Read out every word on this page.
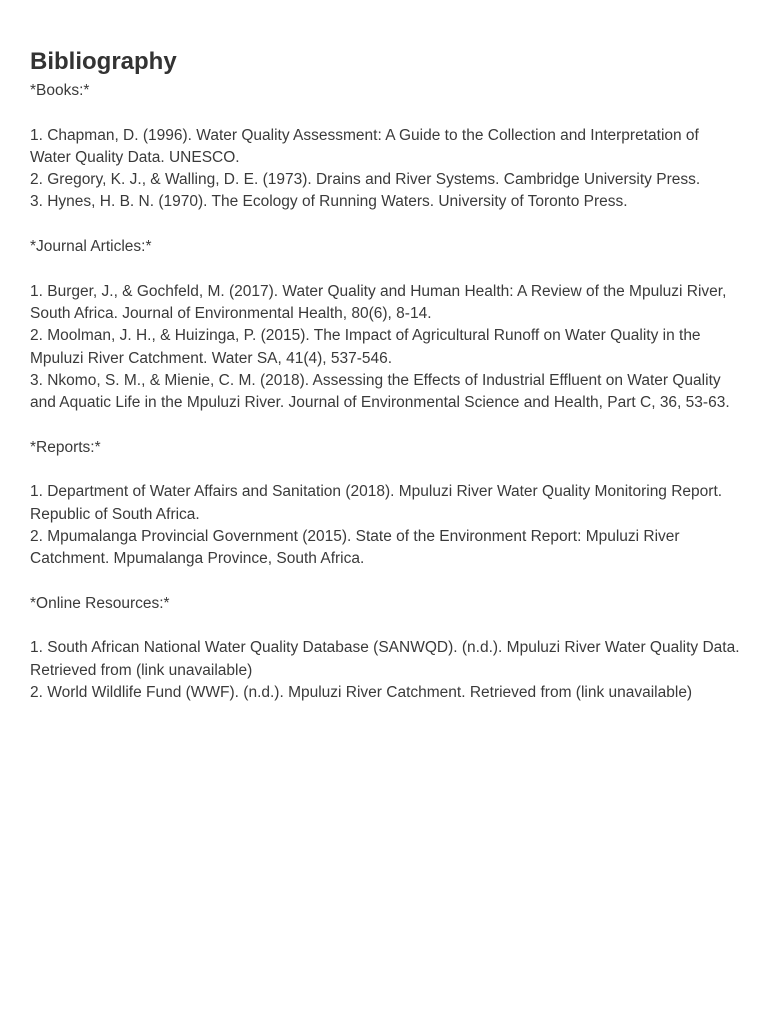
Bibliography

*Books:*

1. Chapman, D. (1996). Water Quality Assessment: A Guide to the Collection and Interpretation of Water Quality Data. UNESCO.

2. Gregory, K. J., & Walling, D. E. (1973). Drains and River Systems. Cambridge University Press.

3. Hynes, H. B. N. (1970). The Ecology of Running Waters. University of Toronto Press.

*Journal Articles:*

1. Burger, J., & Gochfeld, M. (2017). Water Quality and Human Health: A Review of the Mpuluzi River, South Africa. Journal of Environmental Health, 80(6), 8-14.

2. Moolman, J. H., & Huizinga, P. (2015). The Impact of Agricultural Runoff on Water Quality in the Mpuluzi River Catchment. Water SA, 41(4), 537-546.

3. Nkomo, S. M., & Mienie, C. M. (2018). Assessing the Effects of Industrial Effluent on Water Quality and Aquatic Life in the Mpuluzi River. Journal of Environmental Science and Health, Part C, 36, 53-63.

*Reports:*

1. Department of Water Affairs and Sanitation (2018). Mpuluzi River Water Quality Monitoring Report. Republic of South Africa.

2. Mpumalanga Provincial Government (2015). State of the Environment Report: Mpuluzi River Catchment. Mpumalanga Province, South Africa.

*Online Resources:*

1. South African National Water Quality Database (SANWQD). (n.d.). Mpuluzi River Water Quality Data. Retrieved from (link unavailable)

2. World Wildlife Fund (WWF). (n.d.). Mpuluzi River Catchment. Retrieved from (link unavailable)
